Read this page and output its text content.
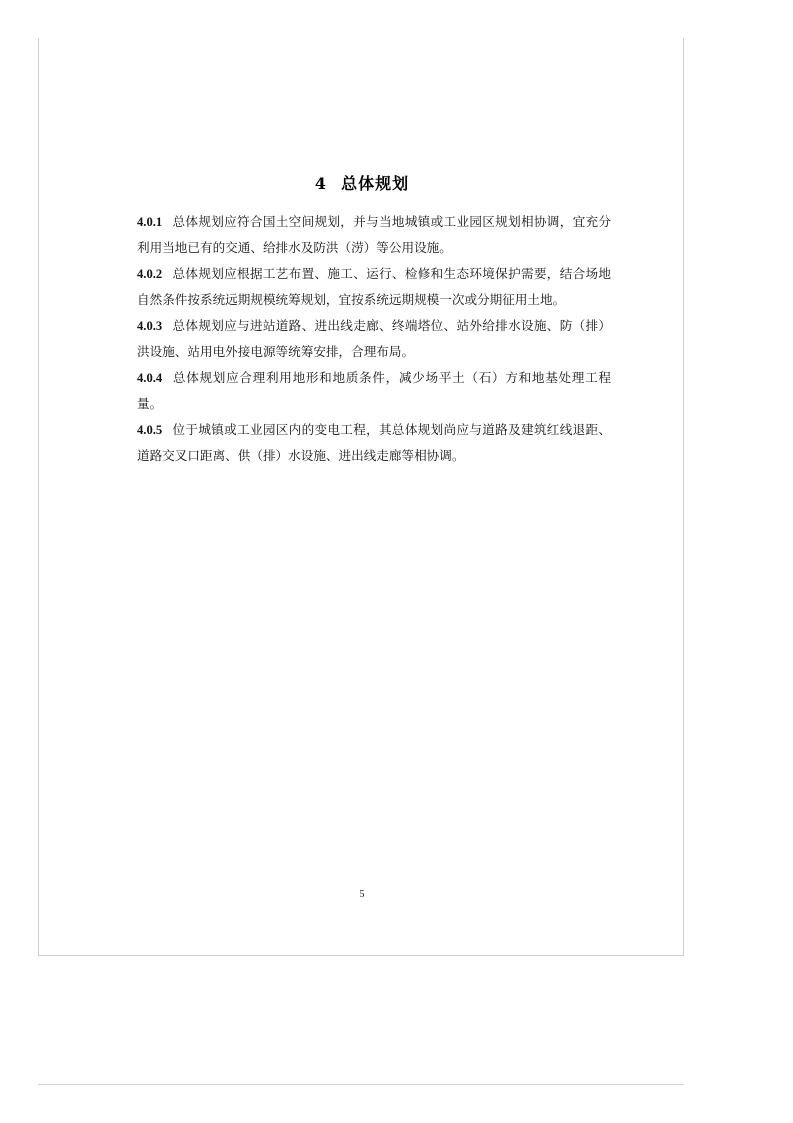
4 总体规划

4.0.1 总体规划应符合国土空间规划，并与当地城镇或工业园区规划相协调，宜充分利用当地已有的交通、给排水及防洪（涝）等公用设施。

4.0.2 总体规划应根据工艺布置、施工、运行、检修和生态环境保护需要，结合场地自然条件按系统远期规模统筹规划，宜按系统远期规模一次或分期征用土地。

4.0.3 总体规划应与进站道路、进出线走廊、终端塔位、站外给排水设施、防（排）洪设施、站用电外接电源等统筹安排，合理布局。

4.0.4 总体规划应合理利用地形和地质条件，减少场平土（石）方和地基处理工程量。

4.0.5 位于城镇或工业园区内的变电工程，其总体规划尚应与道路及建筑红线退距、道路交叉口距离、供（排）水设施、进出线走廊等相协调。

5
